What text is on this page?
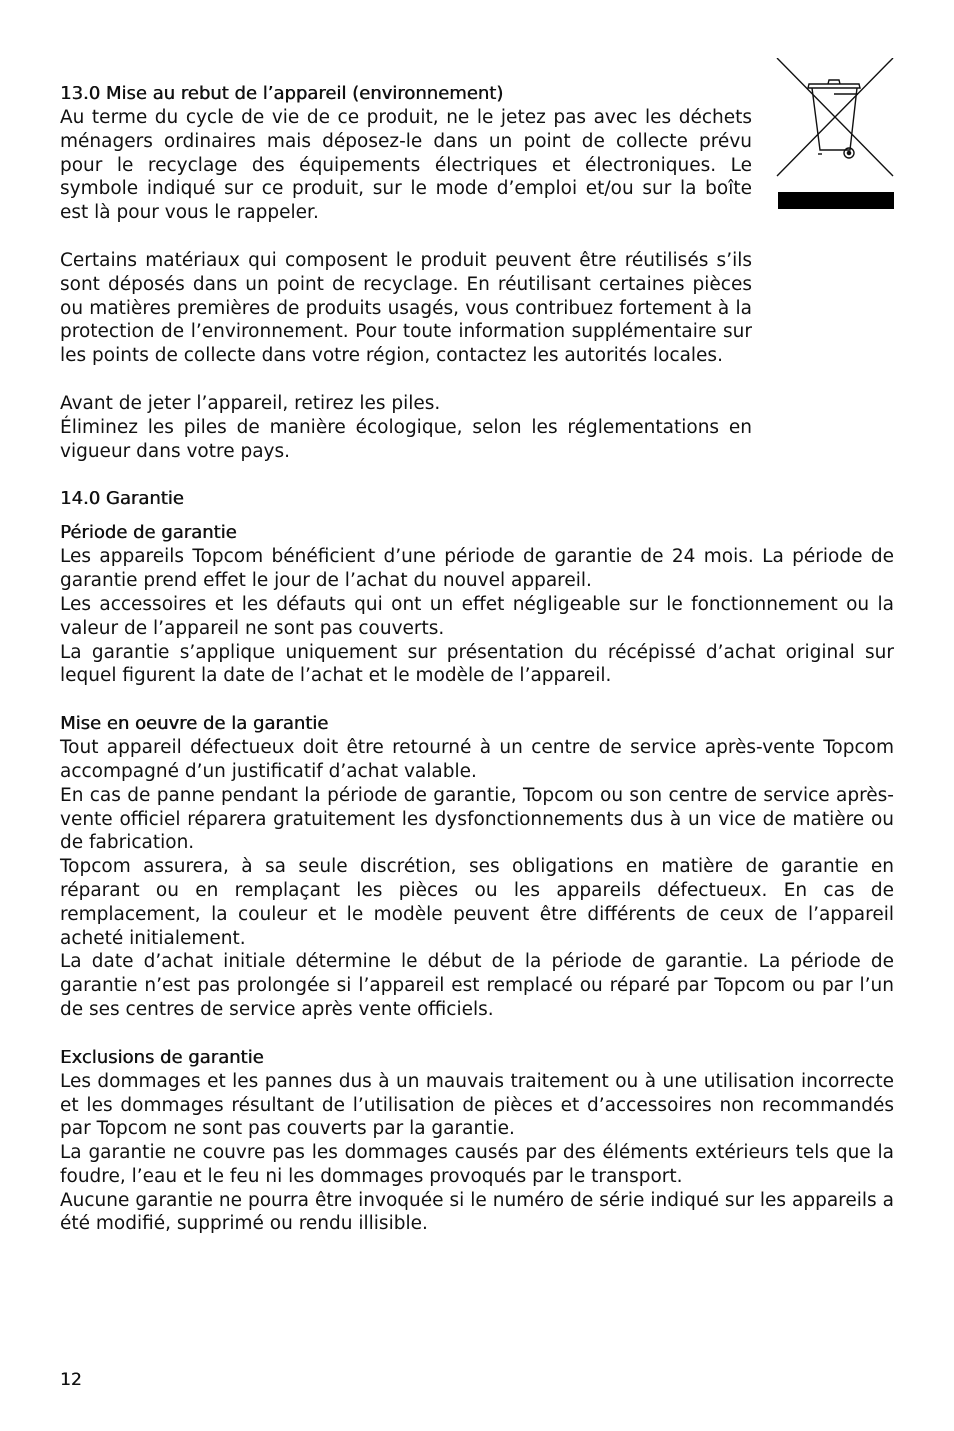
13.0 Mise au rebut de l’appareil (environnement)

Au terme du cycle de vie de ce produit, ne le jetez pas avec les déchets ménagers ordinaires mais déposez-le dans un point de collecte prévu pour le recyclage des équipements électriques et électroniques. Le symbole indiqué sur ce produit, sur le mode d’emploi et/ou sur la boîte est là pour vous le rappeler.

Certains matériaux qui composent le produit peuvent être réutilisés s’ils sont déposés dans un point de recyclage. En réutilisant certaines pièces ou matières premières de produits usagés, vous contribuez fortement à la protection de l’environnement. Pour toute information supplémentaire sur les points de collecte dans votre région, contactez les autorités locales.

Avant de jeter l’appareil, retirez les piles.

Éliminez les piles de manière écologique, selon les réglementations en vigueur dans votre pays.

14.0 Garantie
Période de garantie

Les appareils Topcom bénéficient d’une période de garantie de 24 mois. La période de garantie prend effet le jour de l’achat du nouvel appareil.

Les accessoires et les défauts qui ont un effet négligeable sur le fonctionnement ou la valeur de l’appareil ne sont pas couverts.

La garantie s’applique uniquement sur présentation du récépissé d’achat original sur lequel figurent la date de l’achat et le modèle de l’appareil.

Mise en oeuvre de la garantie

Tout appareil défectueux doit être retourné à un centre de service après-vente Topcom accompagné d’un justificatif d’achat valable.

En cas de panne pendant la période de garantie, Topcom ou son centre de service après-vente officiel réparera gratuitement les dysfonctionnements dus à un vice de matière ou de fabrication.

Topcom assurera, à sa seule discrétion, ses obligations en matière de garantie en réparant ou en remplaçant les pièces ou les appareils défectueux. En cas de remplacement, la couleur et le modèle peuvent être différents de ceux de l’appareil acheté initialement.

La date d’achat initiale détermine le début de la période de garantie. La période de garantie n’est pas prolongée si l’appareil est remplacé ou réparé par Topcom ou par l’un de ses centres de service après vente officiels.

Exclusions de garantie

Les dommages et les pannes dus à un mauvais traitement ou à une utilisation incorrecte et les dommages résultant de l’utilisation de pièces et d’accessoires non recommandés par Topcom ne sont pas couverts par la garantie.

La garantie ne couvre pas les dommages causés par des éléments extérieurs tels que la foudre, l’eau et le feu ni les dommages provoqués par le transport.

Aucune garantie ne pourra être invoquée si le numéro de série indiqué sur les appareils a été modifié, supprimé ou rendu illisible.

12
